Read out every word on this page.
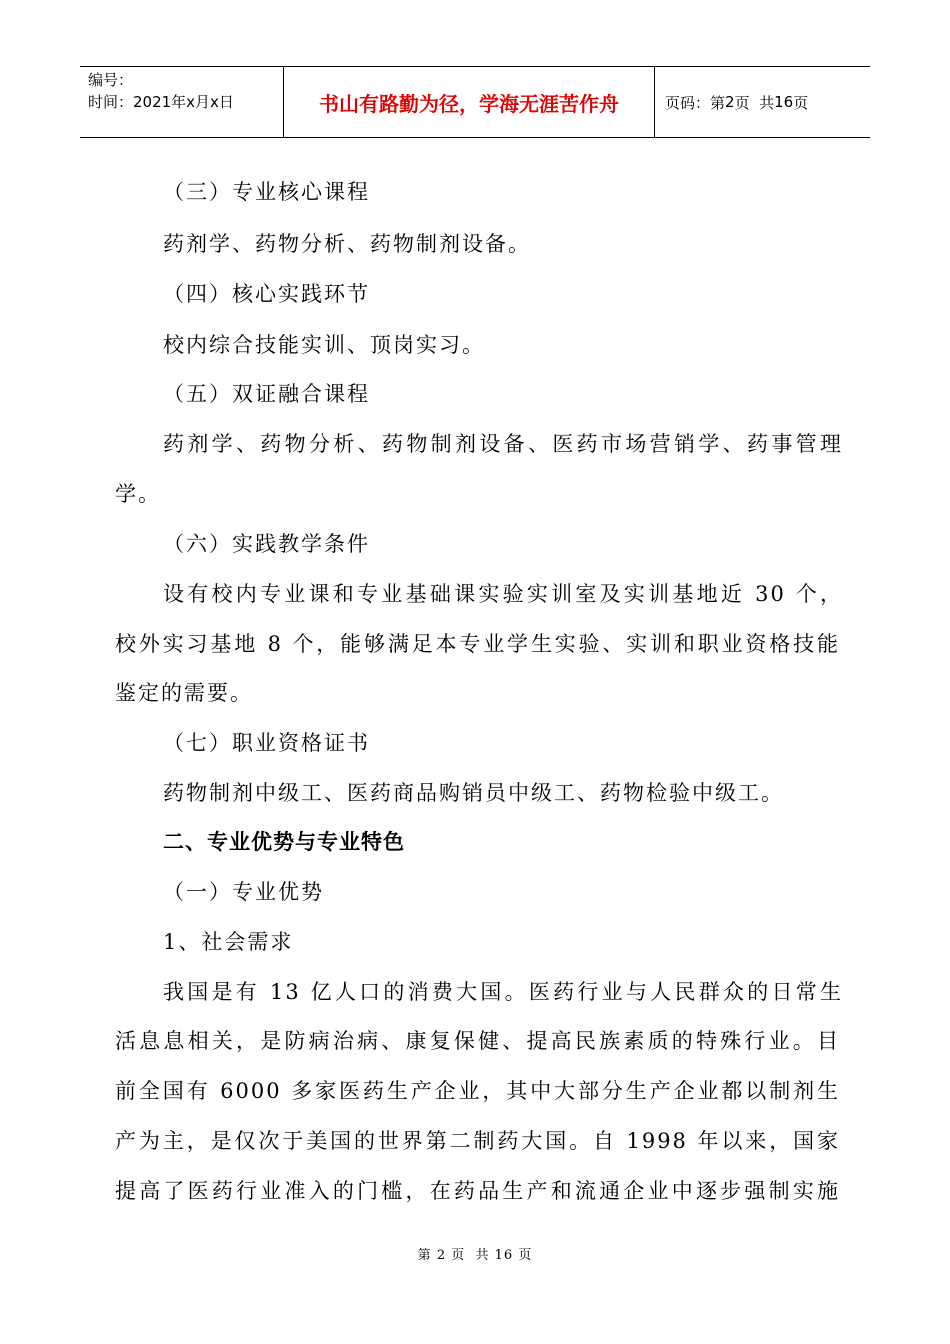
编号：
时间：2021年x月x日	书山有路勤为径，学海无涯苦作舟	页码：第 2 页  共 16 页
（三）专业核心课程
药剂学、药物分析、药物制剂设备。
（四）核心实践环节
校内综合技能实训、顶岗实习。
（五）双证融合课程
药剂学、药物分析、药物制剂设备、医药市场营销学、药事管理
学。
（六）实践教学条件
设有校内专业课和专业基础课实验实训室及实训基地近 30 个，
校外实习基地 8 个，能够满足本专业学生实验、实训和职业资格技能
鉴定的需要。
（七）职业资格证书
药物制剂中级工、医药商品购销员中级工、药物检验中级工。
二、专业优势与专业特色
（一）专业优势
1、社会需求
我国是有 13 亿人口的消费大国。医药行业与人民群众的日常生
活息息相关，是防病治病、康复保健、提高民族素质的特殊行业。目
前全国有 6000 多家医药生产企业，其中大部分生产企业都以制剂生
产为主，是仅次于美国的世界第二制药大国。自 1998 年以来，国家
提高了医药行业准入的门槛，在药品生产和流通企业中逐步强制实施
第 2 页  共 16 页
